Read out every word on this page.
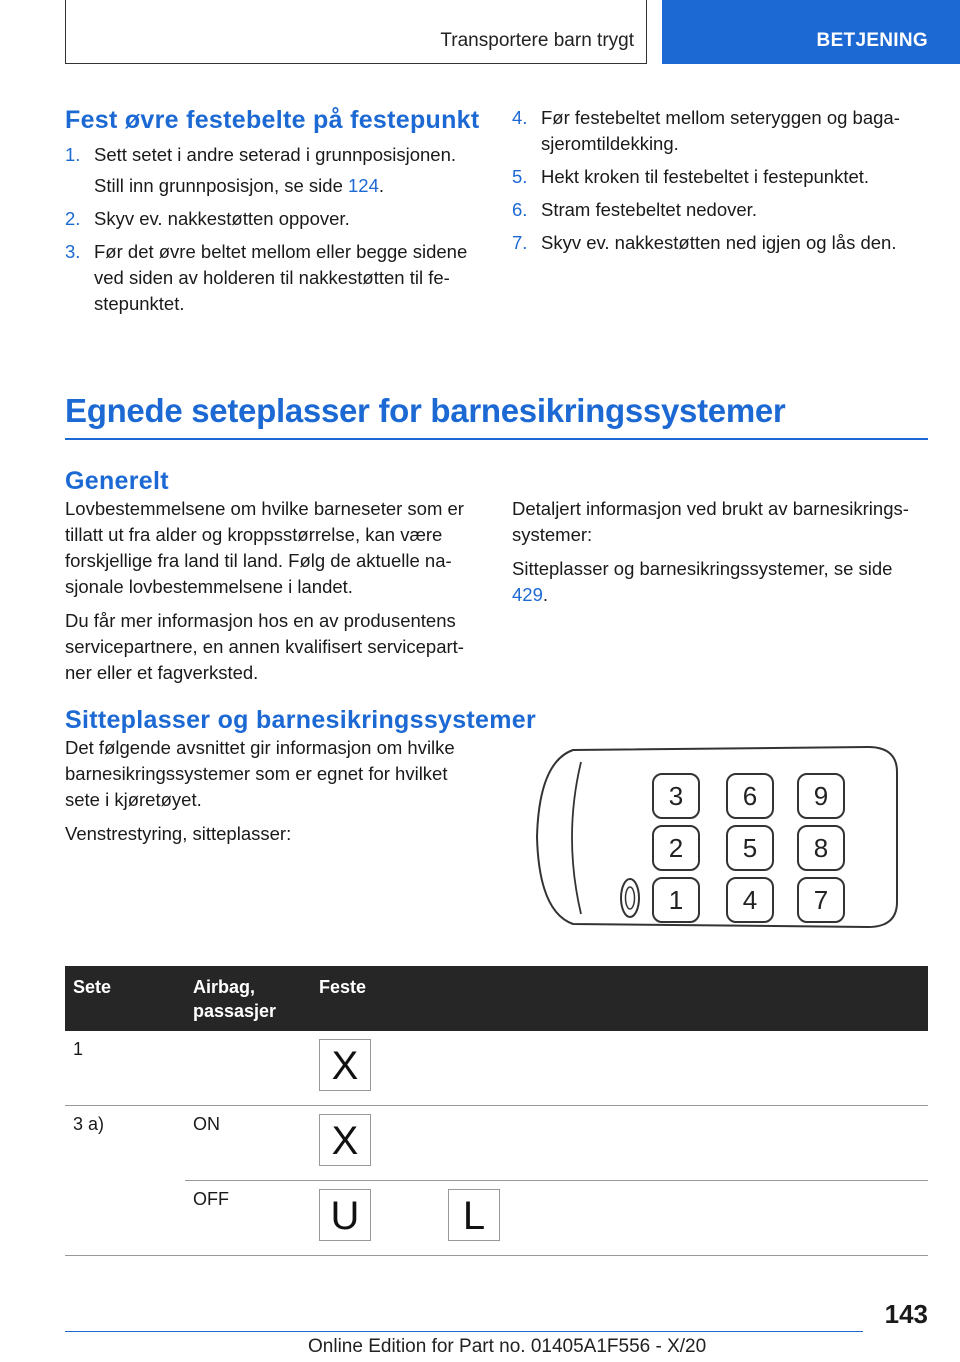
Transportere barn trygt	BETJENING
Fest øvre festebelte på festepunkt
1. Sett setet i andre seterad i grunnposisjonen.
Still inn grunnposisjon, se side 124.
2. Skyv ev. nakkestøtten oppover.
3. Før det øvre beltet mellom eller begge sidene ved siden av holderen til nakkestøtten til fe-stepunktet.
4. Før festebeltet mellom seteryggen og baga-sjeromtildekking.
5. Hekt kroken til festebeltet i festepunktet.
6. Stram festebeltet nedover.
7. Skyv ev. nakkestøtten ned igjen og lås den.
Egnede seteplasser for barnesikringssystemer
Generelt

Lovbestemmelsene om hvilke barneseter som er tillatt ut fra alder og kroppsstørrelse, kan være forskjellige fra land til land. Følg de aktuelle na-sjonale lovbestemmelsene i landet.

Du får mer informasjon hos en av produsentens servicepartnere, en annen kvalifisert servicepart-ner eller et fagverksted.

Detaljert informasjon ved brukt av barnesikrings-systemer:

Sitteplasser og barnesikringssystemer, se side 429.

Sitteplasser og barnesikringssystemer

Det følgende avsnittet gir informasjon om hvilke barnesikringssystemer som er egnet for hvilket sete i kjøretøyet.

Venstrestyring, sitteplasser:

3 6 9
2 5 8
1 4 7
Sete	Airbag, passasjer	Feste
1		X
3 a)	ON	X
	OFF	U L
143
Online Edition for Part no. 01405A1F556 - X/20
